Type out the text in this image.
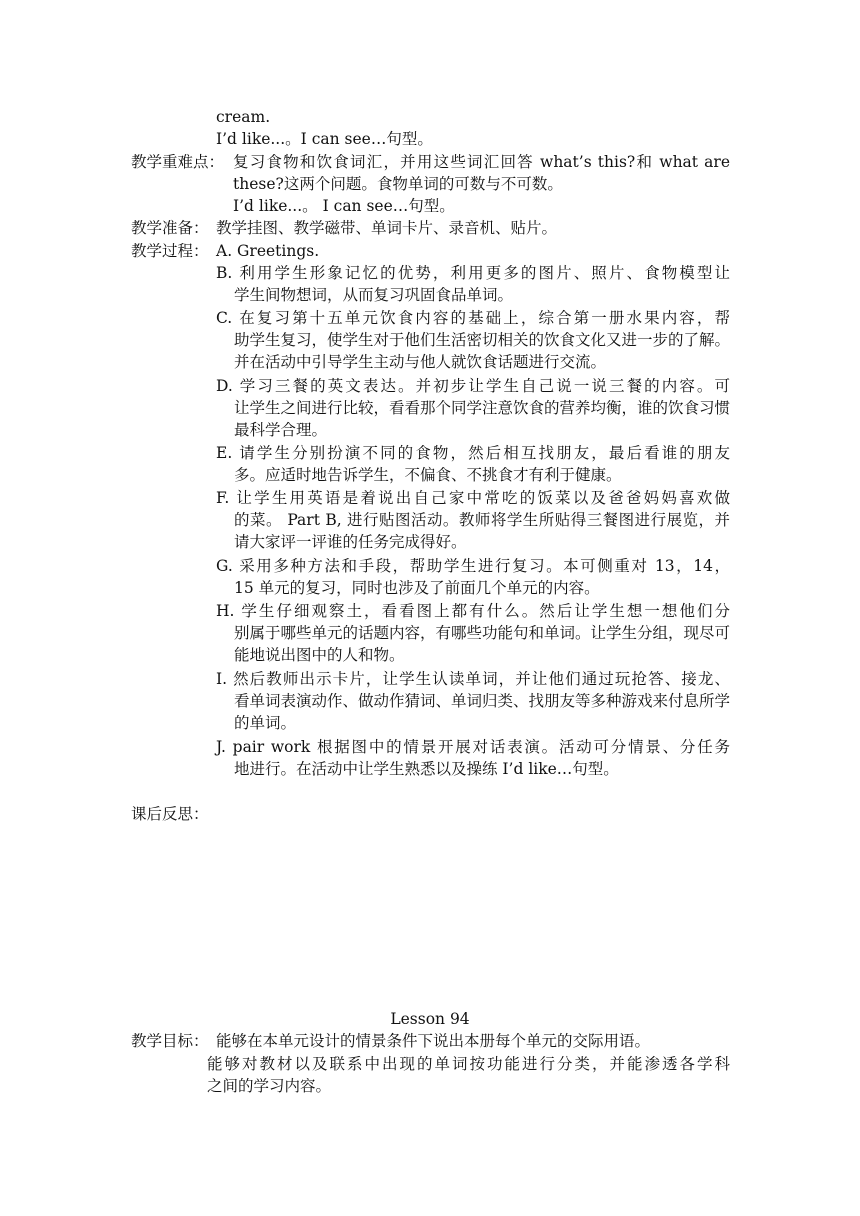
cream.
I’d like...。I can see…句型。
教学重难点： 复习食物和饮食词汇，并用这些词汇回答 what’s this?和 what are
these?这两个问题。食物单词的可数与不可数。
I’d like...。 I can see…句型。
教学准备： 教学挂图、教学磁带、单词卡片、录音机、贴片。
教学过程： A. Greetings.
B. 利用学生形象记忆的优势，利用更多的图片、照片、食物模型让
学生间物想词，从而复习巩固食品单词。
C. 在复习第十五单元饮食内容的基础上，综合第一册水果内容，帮
助学生复习，使学生对于他们生活密切相关的饮食文化又进一步的了解。并在活动中引导学生主动与他人就饮食话题进行交流。
D. 学习三餐的英文表达。并初步让学生自己说一说三餐的内容。可
让学生之间进行比较，看看那个同学注意饮食的营养均衡，谁的饮食习惯最科学合理。
E. 请学生分别扮演不同的食物，然后相互找朋友，最后看谁的朋友
多。应适时地告诉学生，不偏食、不挑食才有利于健康。
F. 让学生用英语是着说出自己家中常吃的饭菜以及爸爸妈妈喜欢做
的菜。 Part B, 进行贴图活动。教师将学生所贴得三餐图进行展览，并请大家评一评谁的任务完成得好。
G. 采用多种方法和手段，帮助学生进行复习。本可侧重对 13，14，
15 单元的复习，同时也涉及了前面几个单元的内容。
H. 学生仔细观察土，看看图上都有什么。然后让学生想一想他们分
别属于哪些单元的话题内容，有哪些功能句和单词。让学生分组，现尽可能地说出图中的人和物。
I. 然后教师出示卡片，让学生认读单词，并让他们通过玩抢答、接龙、
看单词表演动作、做动作猜词、单词归类、找朋友等多种游戏来付息所学的单词。
J. pair work 根据图中的情景开展对话表演。活动可分情景、分任务
地进行。在活动中让学生熟悉以及操练 I’d like…句型。
课后反思：
Lesson 94
教学目标： 能够在本单元设计的情景条件下说出本册每个单元的交际用语。
能够对教材以及联系中出现的单词按功能进行分类，并能渗透各学科
之间的学习内容。
